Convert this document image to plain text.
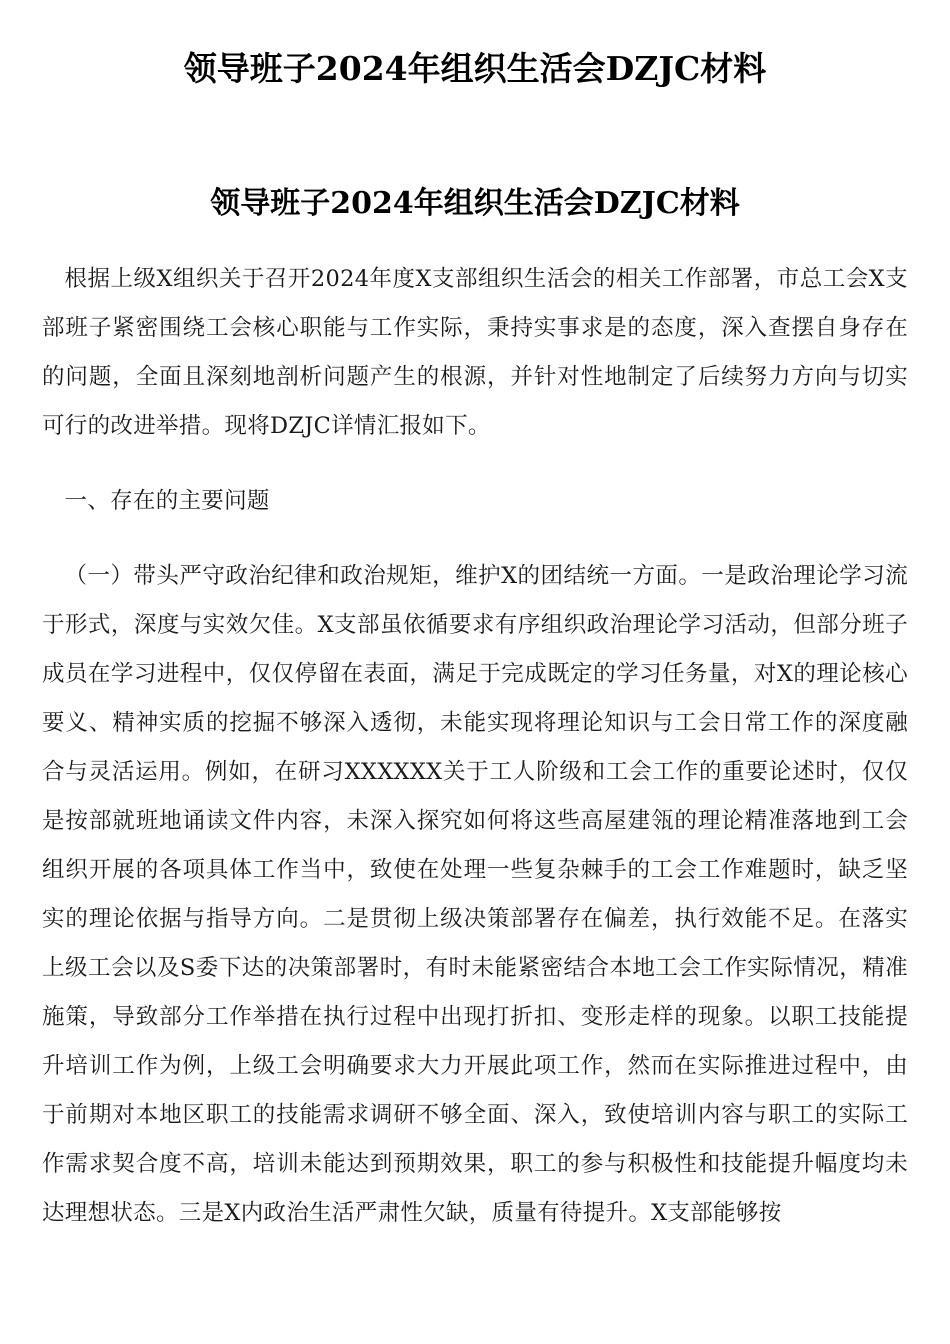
领导班子2024年组织生活会DZJC材料
领导班子2024年组织生活会DZJC材料

根据上级X组织关于召开2024年度X支部组织生活会的相关工作部署，市总工会X支部班子紧密围绕工会核心职能与工作实际，秉持实事求是的态度，深入查摆自身存在的问题，全面且深刻地剖析问题产生的根源，并针对性地制定了后续努力方向与切实可行的改进举措。现将DZJC详情汇报如下。

一、存在的主要问题

（一）带头严守政治纪律和政治规矩，维护X的团结统一方面。一是政治理论学习流于形式，深度与实效欠佳。X支部虽依循要求有序组织政治理论学习活动，但部分班子成员在学习进程中，仅仅停留在表面，满足于完成既定的学习任务量，对X的理论核心要义、精神实质的挖掘不够深入透彻，未能实现将理论知识与工会日常工作的深度融合与灵活运用。例如，在研习XXXXXX关于工人阶级和工会工作的重要论述时，仅仅是按部就班地诵读文件内容，未深入探究如何将这些高屋建瓴的理论精准落地到工会组织开展的各项具体工作当中，致使在处理一些复杂棘手的工会工作难题时，缺乏坚实的理论依据与指导方向。二是贯彻上级决策部署存在偏差，执行效能不足。在落实上级工会以及S委下达的决策部署时，有时未能紧密结合本地工会工作实际情况，精准施策，导致部分工作举措在执行过程中出现打折扣、变形走样的现象。以职工技能提升培训工作为例，上级工会明确要求大力开展此项工作，然而在实际推进过程中，由于前期对本地区职工的技能需求调研不够全面、深入，致使培训内容与职工的实际工作需求契合度不高，培训未能达到预期效果，职工的参与积极性和技能提升幅度均未达理想状态。三是X内政治生活严肃性欠缺，质量有待提升。X支部能够按
